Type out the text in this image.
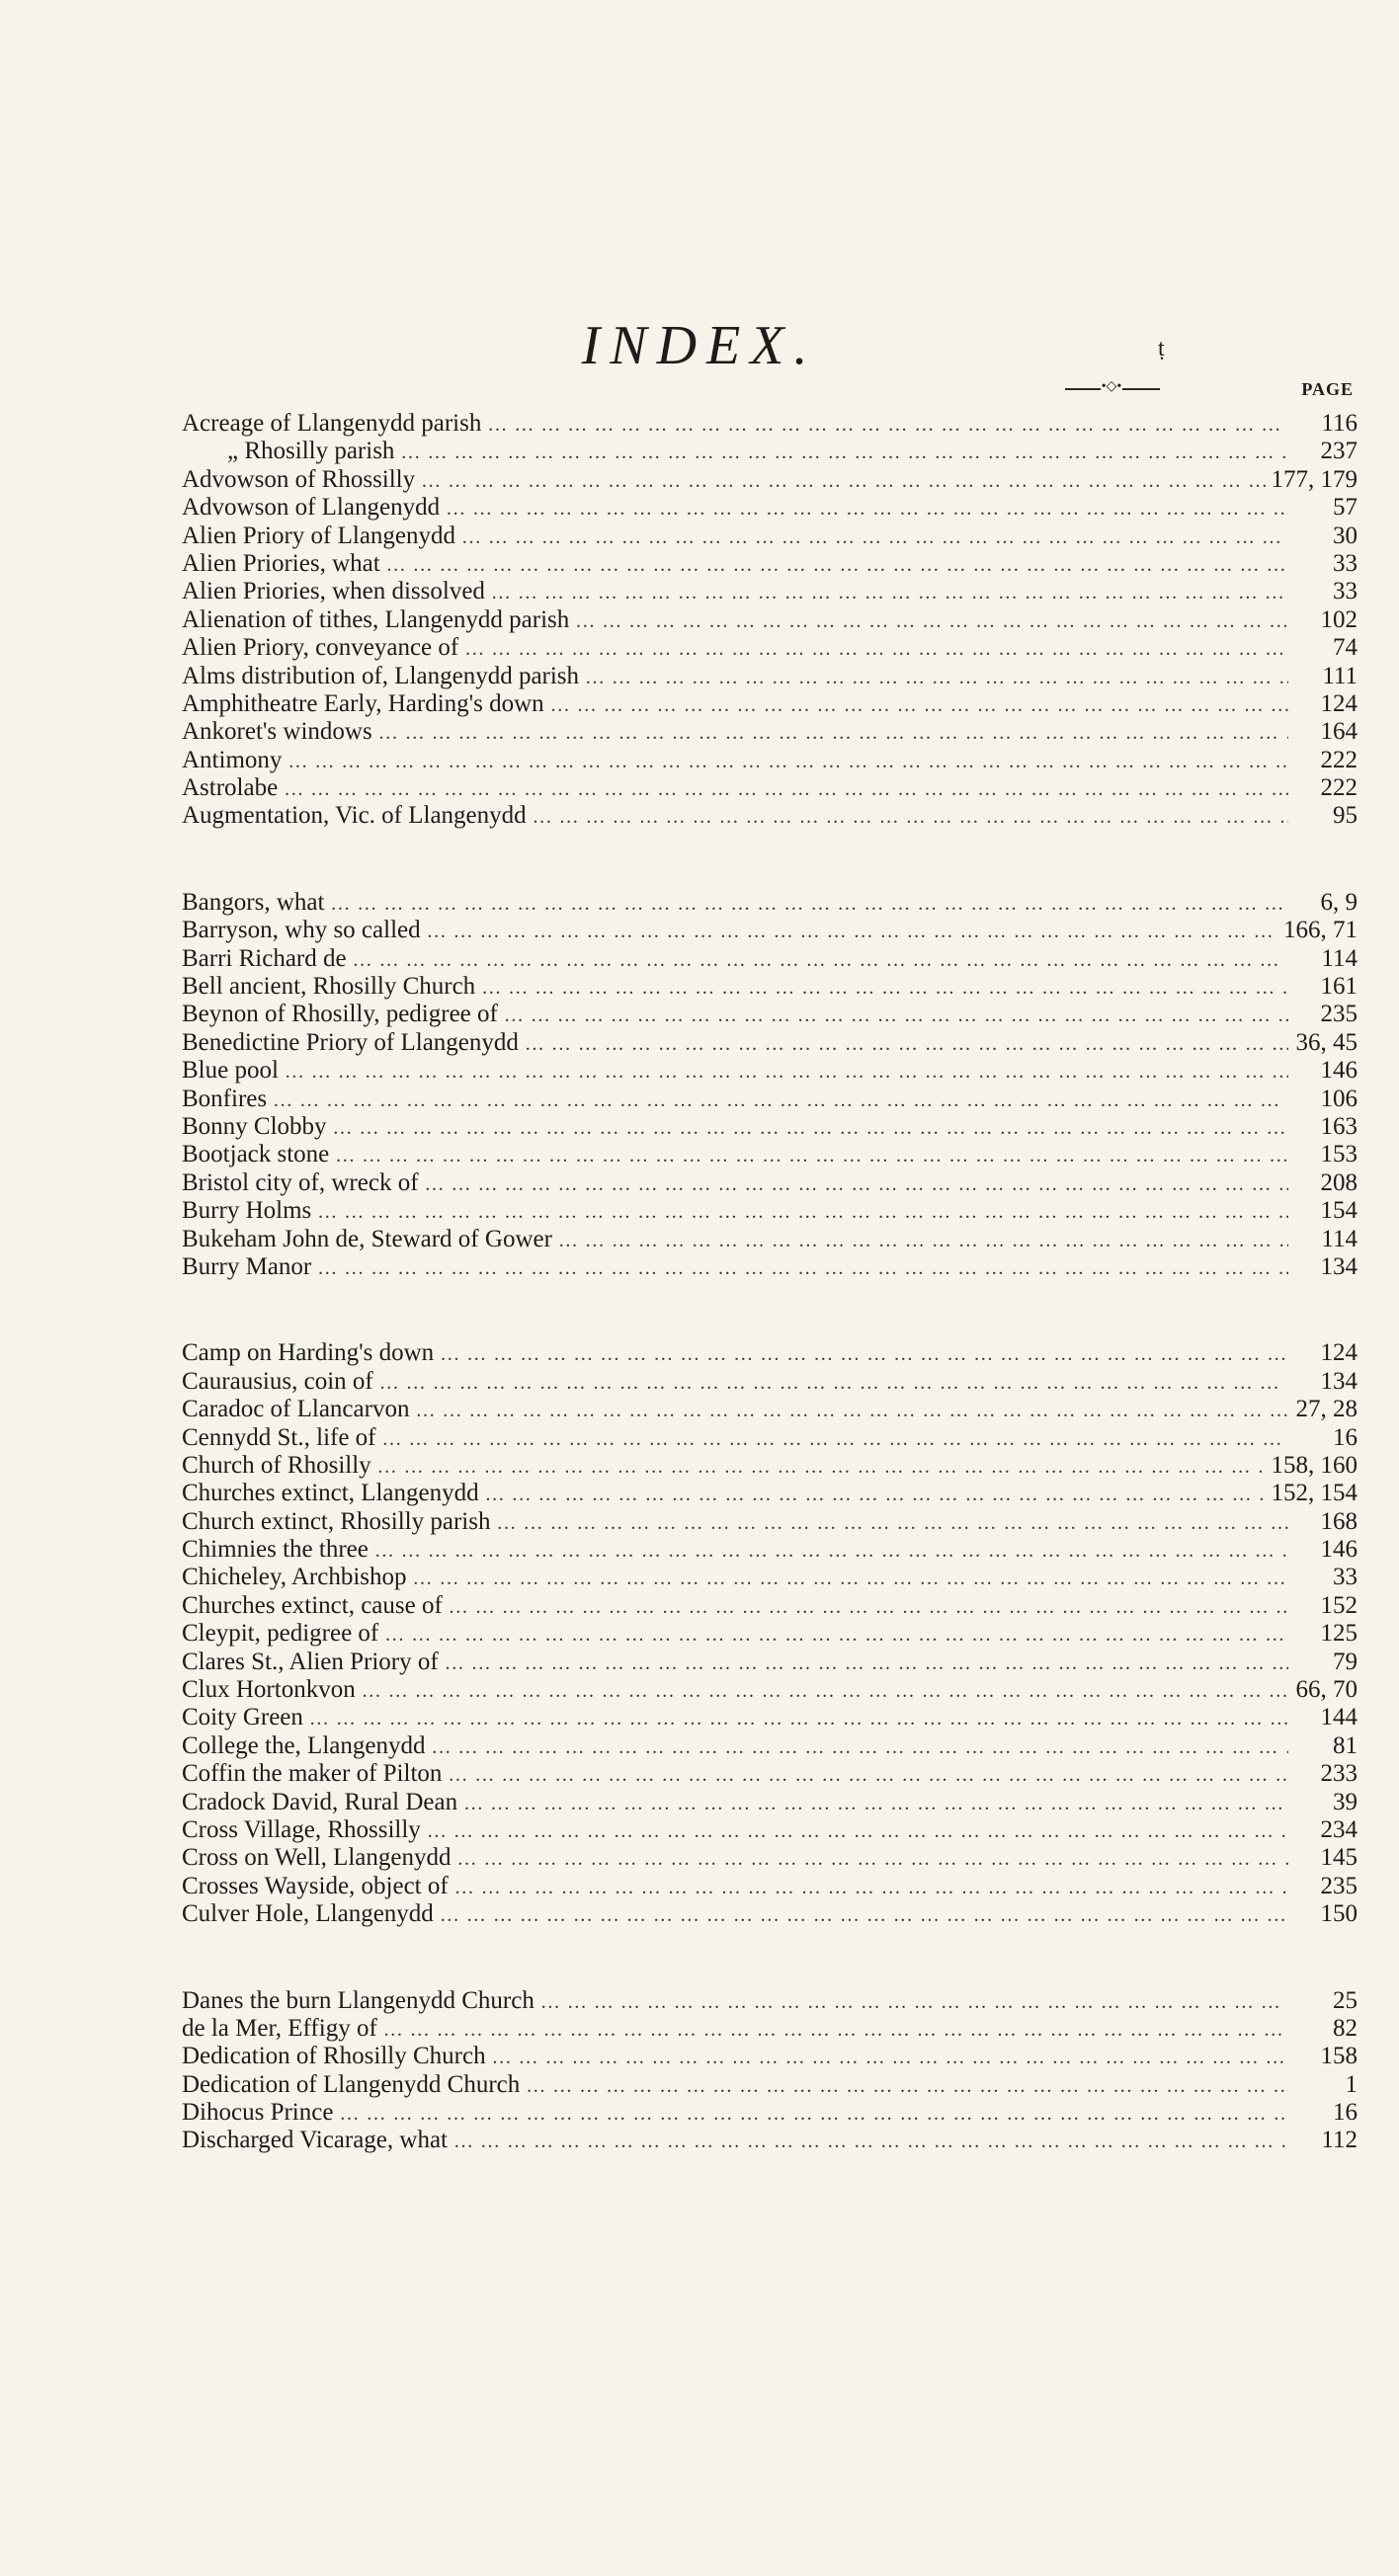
INDEX.	ṭ
•◇•	PAGE
Acreage of Llangenydd parish ……………………………………………………………………………………………………………	116
„ Rhosilly parish ……………………………………………………………………………………………………………	237
Advowson of Rhossilly ……………………………………………………………………………………………………………	177, 179
Advowson of Llangenydd ……………………………………………………………………………………………………………	57
Alien Priory of Llangenydd ……………………………………………………………………………………………………………	30
Alien Priories, what ……………………………………………………………………………………………………………	33
Alien Priories, when dissolved ……………………………………………………………………………………………………………	33
Alienation of tithes, Llangenydd parish ……………………………………………………………………………………………………………	102
Alien Priory, conveyance of ……………………………………………………………………………………………………………	74
Alms distribution of, Llangenydd parish ……………………………………………………………………………………………………………	111
Amphitheatre Early, Harding's down ……………………………………………………………………………………………………………	124
Ankoret's windows ……………………………………………………………………………………………………………	164
Antimony ……………………………………………………………………………………………………………	222
Astrolabe ……………………………………………………………………………………………………………	222
Augmentation, Vic. of Llangenydd ……………………………………………………………………………………………………………	95
Bangors, what ……………………………………………………………………………………………………………	6, 9
Barryson, why so called ……………………………………………………………………………………………………………	166, 71
Barri Richard de ……………………………………………………………………………………………………………	114
Bell ancient, Rhosilly Church ……………………………………………………………………………………………………………	161
Beynon of Rhosilly, pedigree of ……………………………………………………………………………………………………………	235
Benedictine Priory of Llangenydd ……………………………………………………………………………………………………………	36, 45
Blue pool ……………………………………………………………………………………………………………	146
Bonfires ……………………………………………………………………………………………………………	106
Bonny Clobby ……………………………………………………………………………………………………………	163
Bootjack stone ……………………………………………………………………………………………………………	153
Bristol city of, wreck of ……………………………………………………………………………………………………………	208
Burry Holms ……………………………………………………………………………………………………………	154
Bukeham John de, Steward of Gower ……………………………………………………………………………………………………………	114
Burry Manor ……………………………………………………………………………………………………………	134
Camp on Harding's down ……………………………………………………………………………………………………………	124
Caurausius, coin of ……………………………………………………………………………………………………………	134
Caradoc of Llancarvon ……………………………………………………………………………………………………………	27, 28
Cennydd St., life of ……………………………………………………………………………………………………………	16
Church of Rhosilly ……………………………………………………………………………………………………………	158, 160
Churches extinct, Llangenydd ……………………………………………………………………………………………………………	152, 154
Church extinct, Rhosilly parish ……………………………………………………………………………………………………………	168
Chimnies the three ……………………………………………………………………………………………………………	146
Chicheley, Archbishop ……………………………………………………………………………………………………………	33
Churches extinct, cause of ……………………………………………………………………………………………………………	152
Cleypit, pedigree of ……………………………………………………………………………………………………………	125
Clares St., Alien Priory of ……………………………………………………………………………………………………………	79
Clux Hortonkvon ……………………………………………………………………………………………………………	66, 70
Coity Green ……………………………………………………………………………………………………………	144
College the, Llangenydd ……………………………………………………………………………………………………………	81
Coffin the maker of Pilton ……………………………………………………………………………………………………………	233
Cradock David, Rural Dean ……………………………………………………………………………………………………………	39
Cross Village, Rhossilly ……………………………………………………………………………………………………………	234
Cross on Well, Llangenydd ……………………………………………………………………………………………………………	145
Crosses Wayside, object of ……………………………………………………………………………………………………………	235
Culver Hole, Llangenydd ……………………………………………………………………………………………………………	150
Danes the burn Llangenydd Church ……………………………………………………………………………………………………………	25
de la Mer, Effigy of ……………………………………………………………………………………………………………	82
Dedication of Rhosilly Church ……………………………………………………………………………………………………………	158
Dedication of Llangenydd Church ……………………………………………………………………………………………………………	1
Dihocus Prince ……………………………………………………………………………………………………………	16
Discharged Vicarage, what ……………………………………………………………………………………………………………	112
